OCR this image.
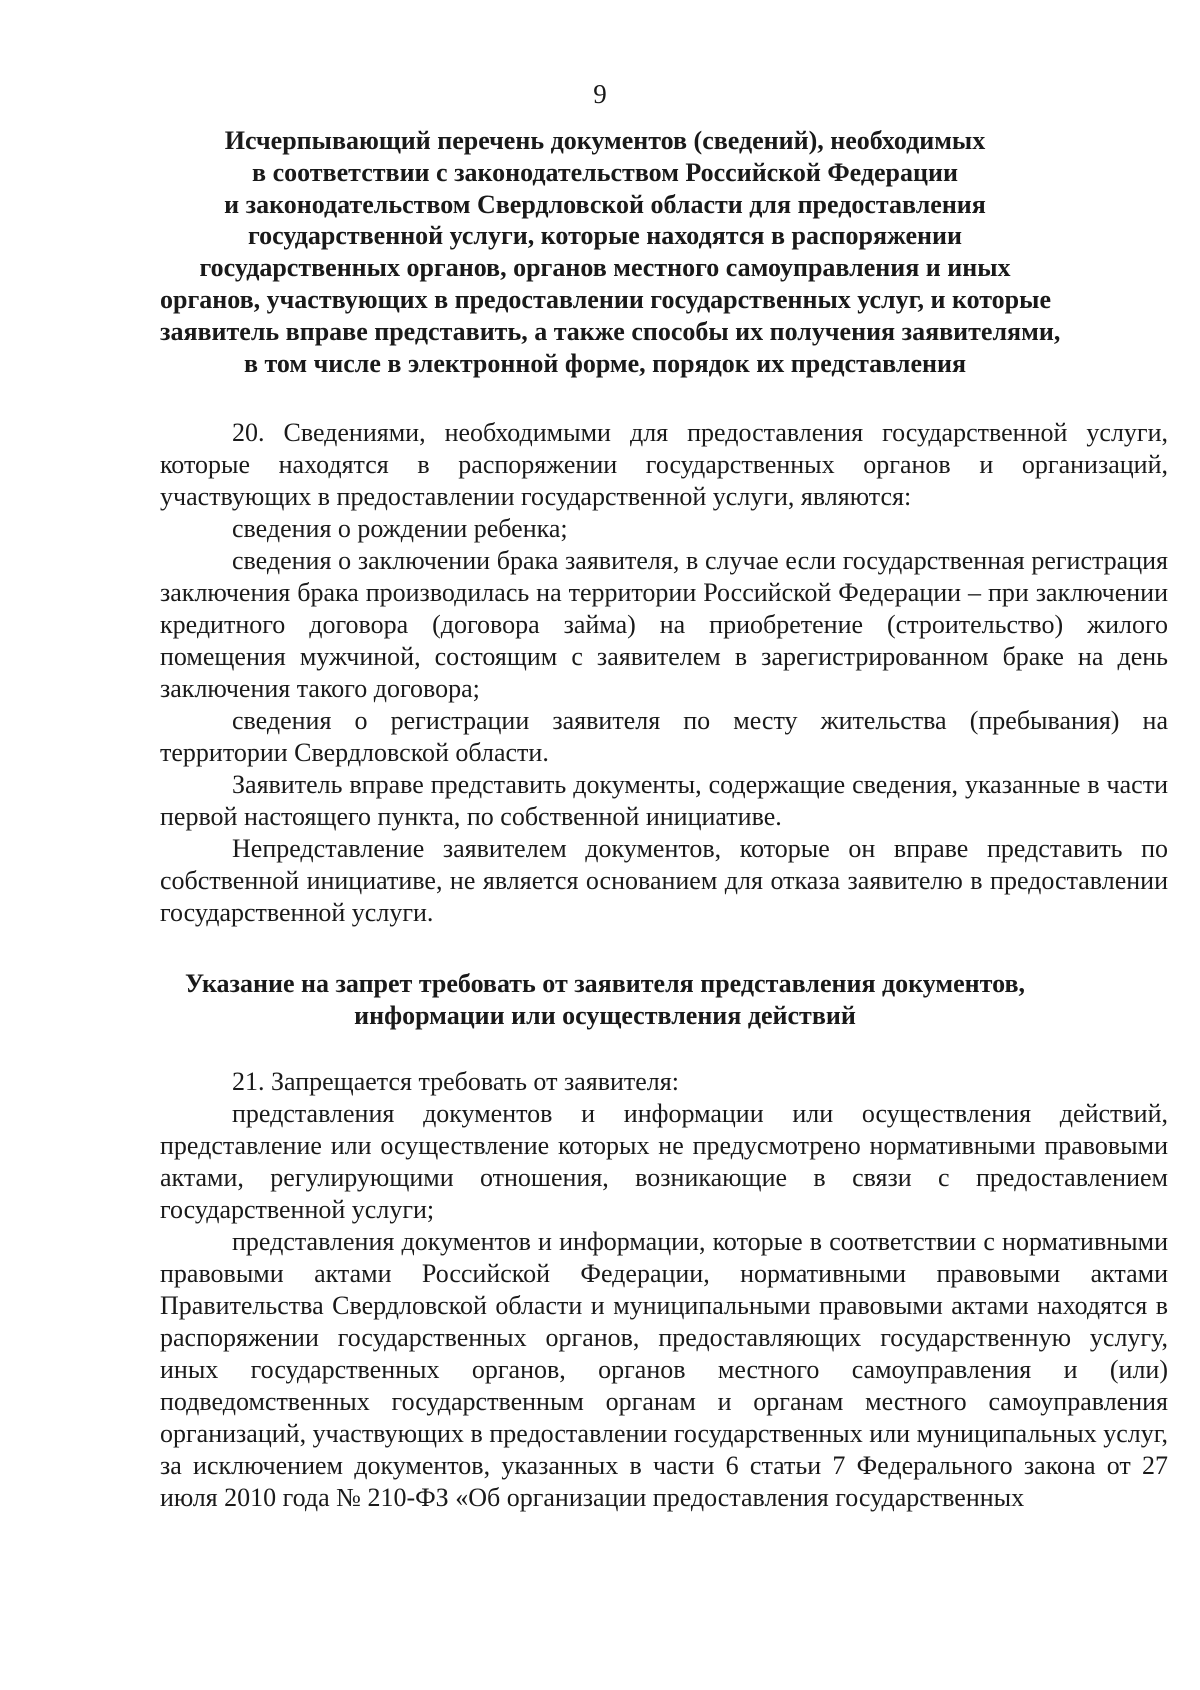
9
Исчерпывающий перечень документов (сведений), необходимых
в соответствии с законодательством Российской Федерации
и законодательством Свердловской области для предоставления
государственной услуги, которые находятся в распоряжении
государственных органов, органов местного самоуправления и иных
органов, участвующих в предоставлении государственных услуг, и которые
заявитель вправе представить, а также способы их получения заявителями,
в том числе в электронной форме, порядок их представления

20. Сведениями, необходимыми для предоставления государственной услуги, которые находятся в распоряжении государственных органов и организаций, участвующих в предоставлении государственной услуги, являются:

сведения о рождении ребенка;

сведения о заключении брака заявителя, в случае если государственная регистрация заключения брака производилась на территории Российской Федерации – при заключении кредитного договора (договора займа) на приобретение (строительство) жилого помещения мужчиной, состоящим с заявителем в зарегистрированном браке на день заключения такого договора;

сведения о регистрации заявителя по месту жительства (пребывания) на территории Свердловской области.

Заявитель вправе представить документы, содержащие сведения, указанные в части первой настоящего пункта, по собственной инициативе.

Непредставление заявителем документов, которые он вправе представить по собственной инициативе, не является основанием для отказа заявителю в предоставлении государственной услуги.

Указание на запрет требовать от заявителя представления документов,
информации или осуществления действий

21. Запрещается требовать от заявителя:

представления документов и информации или осуществления действий, представление или осуществление которых не предусмотрено нормативными правовыми актами, регулирующими отношения, возникающие в связи с предоставлением государственной услуги;

представления документов и информации, которые в соответствии с нормативными правовыми актами Российской Федерации, нормативными правовыми актами Правительства Свердловской области и муниципальными правовыми актами находятся в распоряжении государственных органов, предоставляющих государственную услугу, иных государственных органов, органов местного самоуправления и (или) подведомственных государственным органам и органам местного самоуправления организаций, участвующих в предоставлении государственных или муниципальных услуг, за исключением документов, указанных в части 6 статьи 7 Федерального закона от 27 июля 2010 года № 210-ФЗ «Об организации предоставления государственных
